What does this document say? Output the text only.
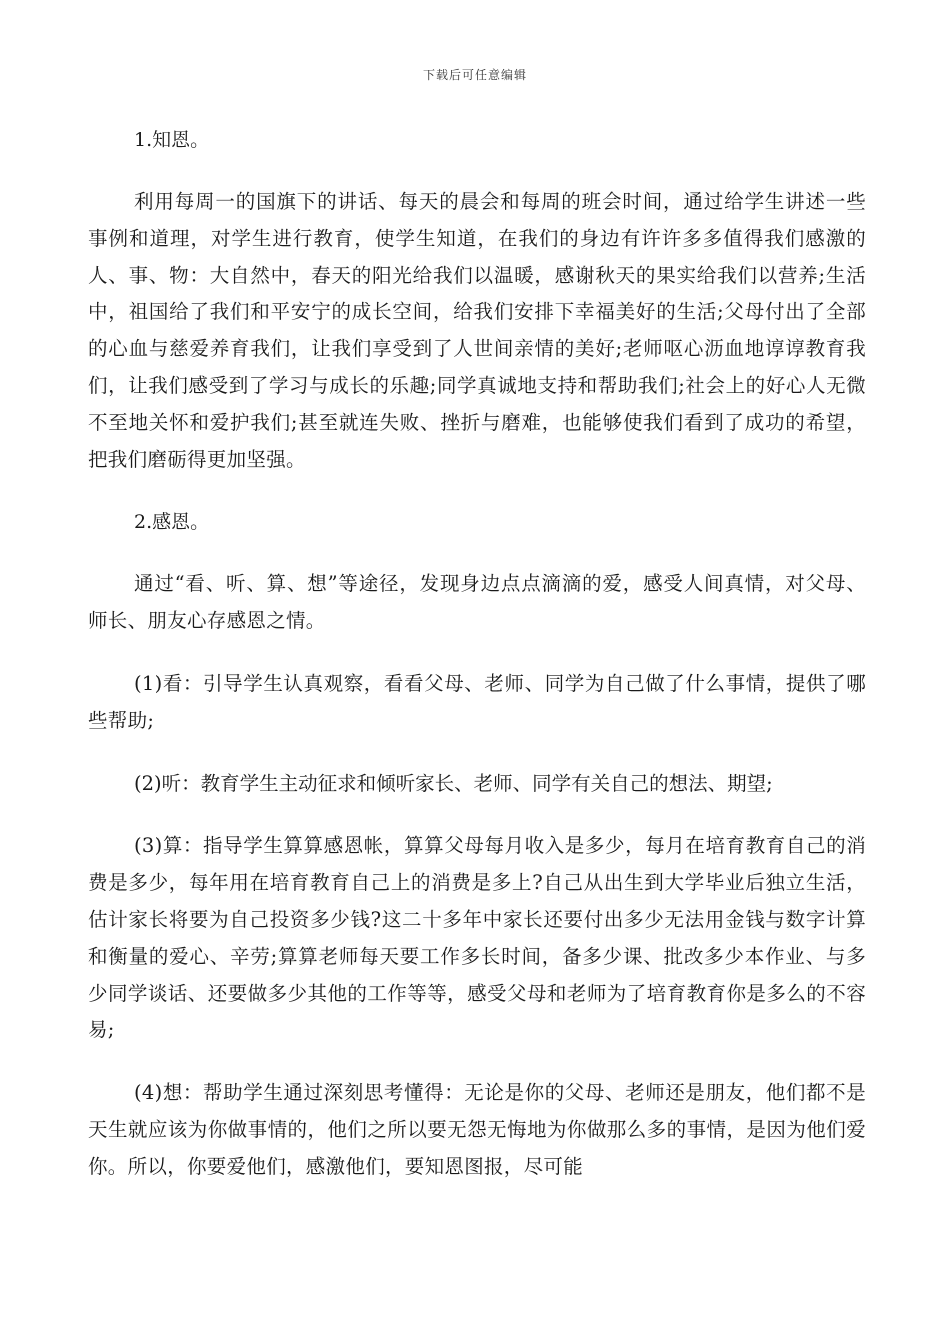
下载后可任意编辑

1.知恩。

利用每周一的国旗下的讲话、每天的晨会和每周的班会时间，通过给学生讲述一些事例和道理，对学生进行教育，使学生知道，在我们的身边有许许多多值得我们感激的人、事、物：大自然中，春天的阳光给我们以温暖，感谢秋天的果实给我们以营养;生活中，祖国给了我们和平安宁的成长空间，给我们安排下幸福美好的生活;父母付出了全部的心血与慈爱养育我们，让我们享受到了人世间亲情的美好;老师呕心沥血地谆谆教育我们，让我们感受到了学习与成长的乐趣;同学真诚地支持和帮助我们;社会上的好心人无微不至地关怀和爱护我们;甚至就连失败、挫折与磨难，也能够使我们看到了成功的希望，把我们磨砺得更加坚强。

2.感恩。

通过“看、听、算、想”等途径，发现身边点点滴滴的爱，感受人间真情，对父母、师长、朋友心存感恩之情。

(1)看：引导学生认真观察，看看父母、老师、同学为自己做了什么事情，提供了哪些帮助;

(2)听：教育学生主动征求和倾听家长、老师、同学有关自己的想法、期望;

(3)算：指导学生算算感恩帐，算算父母每月收入是多少，每月在培育教育自己的消费是多少，每年用在培育教育自己上的消费是多上?自己从出生到大学毕业后独立生活，估计家长将要为自己投资多少钱?这二十多年中家长还要付出多少无法用金钱与数字计算和衡量的爱心、辛劳;算算老师每天要工作多长时间，备多少课、批改多少本作业、与多少同学谈话、还要做多少其他的工作等等，感受父母和老师为了培育教育你是多么的不容易;

(4)想：帮助学生通过深刻思考懂得：无论是你的父母、老师还是朋友，他们都不是天生就应该为你做事情的，他们之所以要无怨无悔地为你做那么多的事情，是因为他们爱你。所以，你要爱他们，感激他们，要知恩图报，尽可能
